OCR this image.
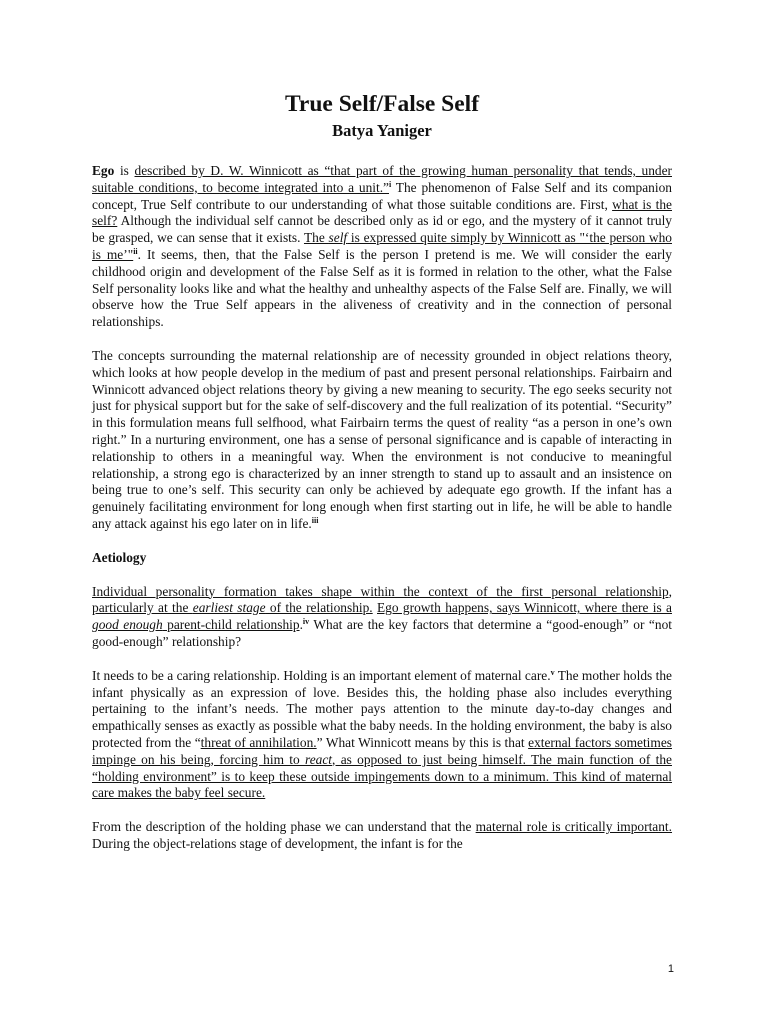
True Self/False Self
Batya Yaniger

Ego is described by D. W. Winnicott as “that part of the growing human personality that tends, under suitable conditions, to become integrated into a unit.”$^i$ The phenomenon of False Self and its companion concept, True Self contribute to our understanding of what those suitable conditions are. First, what is the self? Although the individual self cannot be described only as id or ego, and the mystery of it cannot truly be grasped, we can sense that it exists. The self is expressed quite simply by Winnicott as "‘the person who is me’"$^{ii}$. It seems, then, that the False Self is the person I pretend is me. We will consider the early childhood origin and development of the False Self as it is formed in relation to the other, what the False Self personality looks like and what the healthy and unhealthy aspects of the False Self are. Finally, we will observe how the True Self appears in the aliveness of creativity and in the connection of personal relationships.

The concepts surrounding the maternal relationship are of necessity grounded in object relations theory, which looks at how people develop in the medium of past and present personal relationships. Fairbairn and Winnicott advanced object relations theory by giving a new meaning to security. The ego seeks security not just for physical support but for the sake of self-discovery and the full realization of its potential. “Security” in this formulation means full selfhood, what Fairbairn terms the quest of reality “as a person in one’s own right.” In a nurturing environment, one has a sense of personal significance and is capable of interacting in relationship to others in a meaningful way. When the environment is not conducive to meaningful relationship, a strong ego is characterized by an inner strength to stand up to assault and an insistence on being true to one’s self. This security can only be achieved by adequate ego growth. If the infant has a genuinely facilitating environment for long enough when first starting out in life, he will be able to handle any attack against his ego later on in life.$^{iii}$

Aetiology

Individual personality formation takes shape within the context of the first personal relationship, particularly at the earliest stage of the relationship. Ego growth happens, says Winnicott, where there is a good enough parent-child relationship.$^{iv}$ What are the key factors that determine a “good-enough” or “not good-enough” relationship?

It needs to be a caring relationship. Holding is an important element of maternal care.$^v$ The mother holds the infant physically as an expression of love. Besides this, the holding phase also includes everything pertaining to the infant’s needs. The mother pays attention to the minute day-to-day changes and empathically senses as exactly as possible what the baby needs. In the holding environment, the baby is also protected from the “threat of annihilation.” What Winnicott means by this is that external factors sometimes impinge on his being, forcing him to react, as opposed to just being himself. The main function of the “holding environment” is to keep these outside impingements down to a minimum. This kind of maternal care makes the baby feel secure.

From the description of the holding phase we can understand that the maternal role is critically important. During the object-relations stage of development, the infant is for the

1
